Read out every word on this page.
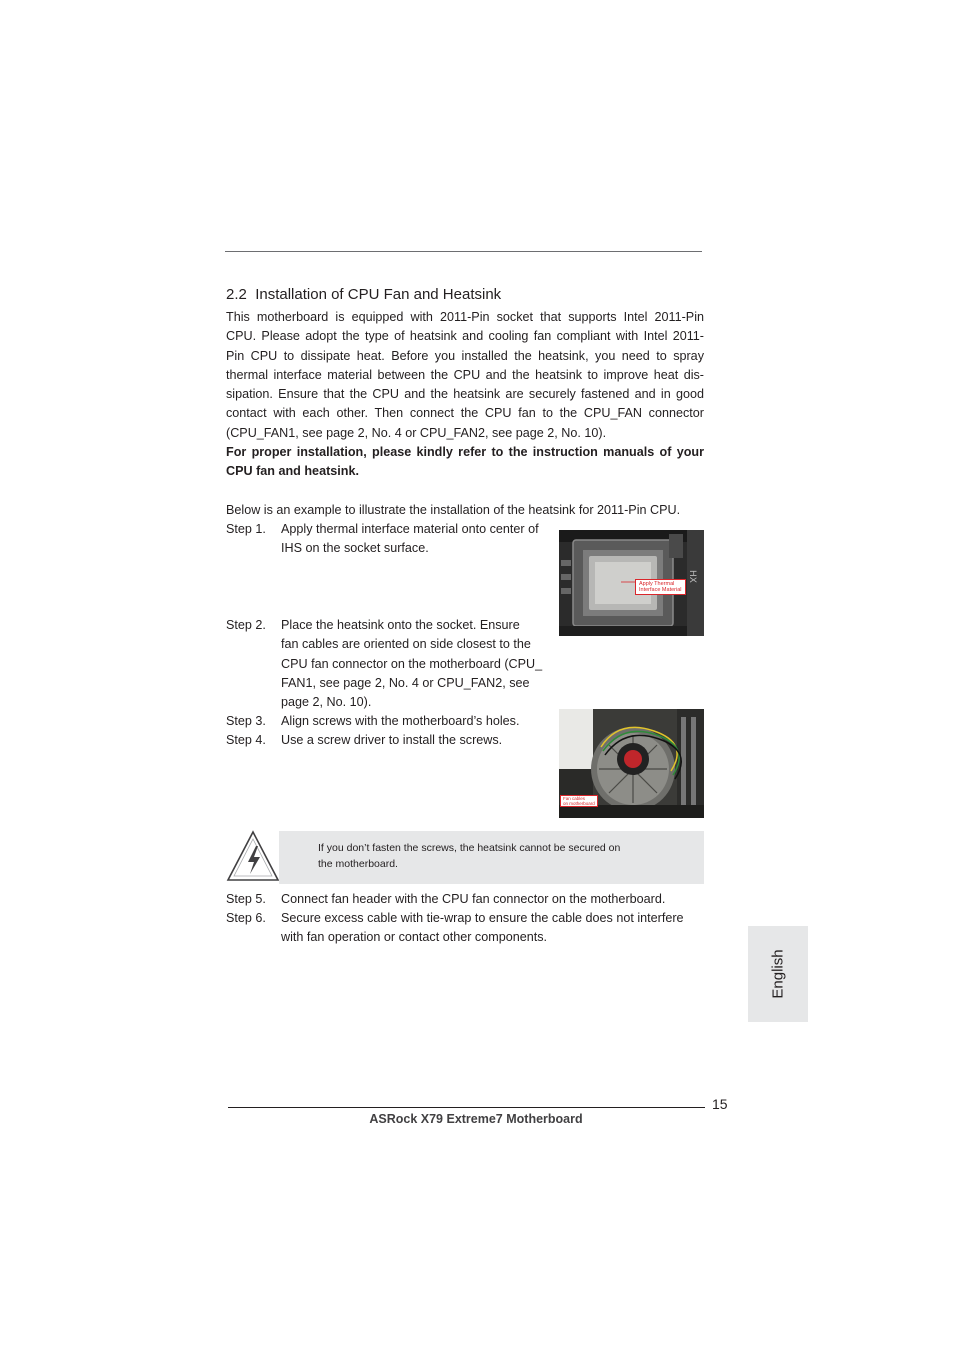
2.2 Installation of CPU Fan and Heatsink
This motherboard is equipped with 2011-Pin socket that supports Intel 2011-Pin
CPU. Please adopt the type of heatsink and cooling fan compliant with Intel 2011-
Pin CPU to dissipate heat. Before you installed the heatsink, you need to spray
thermal interface material between the CPU and the heatsink to improve heat dis-
sipation. Ensure that the CPU and the heatsink are securely fastened and in good
contact with each other. Then connect the CPU fan to the CPU_FAN connector
(CPU_FAN1, see page 2, No. 4 or CPU_FAN2, see page 2, No. 10).
For proper installation, please kindly refer to the instruction manuals of your
CPU fan and heatsink.
Below is an example to illustrate the installation of the heatsink for 2011-Pin CPU.
Step 1.	Apply thermal interface material onto center of
IHS on the socket surface.
HX
Apply Thermal
Interface Material
Step 2.	Place the heatsink onto the socket. Ensure
fan cables are oriented on side closest to the
CPU fan connector on the motherboard (CPU_
FAN1, see page 2, No. 4 or CPU_FAN2, see
page 2, No. 10).
Step 3.	Align screws with the motherboard’s holes.
Step 4.	Use a screw driver to install the screws.
Fan cables
on motherboard
If you don’t fasten the screws, the heatsink cannot be secured on
the motherboard.
Step 5.	Connect fan header with the CPU fan connector on the motherboard.
Step 6.	Secure excess cable with tie-wrap to ensure the cable does not interfere
with fan operation or contact other components.
English
15
ASRock X79 Extreme7 Motherboard
